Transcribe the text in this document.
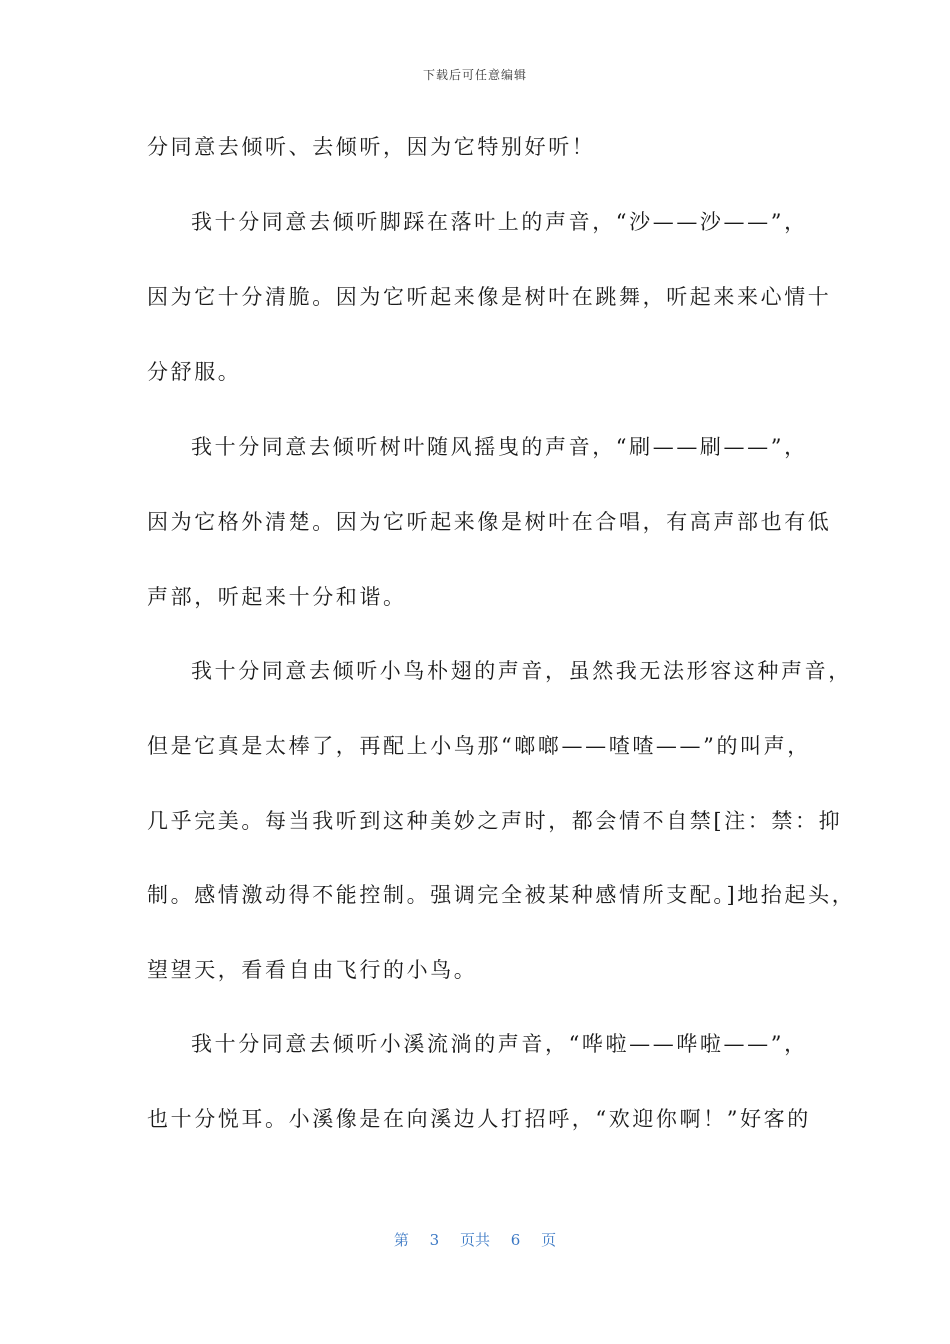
下载后可任意编辑
分同意去倾听、去倾听，因为它特别好听！
我十分同意去倾听脚踩在落叶上的声音，“沙——沙——”，
因为它十分清脆。因为它听起来像是树叶在跳舞，听起来来心情十
分舒服。
我十分同意去倾听树叶随风摇曳的声音，“刷——刷——”，
因为它格外清楚。因为它听起来像是树叶在合唱，有高声部也有低
声部，听起来十分和谐。
我十分同意去倾听小鸟朴翅的声音，虽然我无法形容这种声音，
但是它真是太棒了，再配上小鸟那“啷啷——喳喳——”的叫声，
几乎完美。每当我听到这种美妙之声时，都会情不自禁[注：禁：抑
制。感情激动得不能控制。强调完全被某种感情所支配。]地抬起头，
望望天，看看自由飞行的小鸟。
我十分同意去倾听小溪流淌的声音，“哗啦——哗啦——”，
也十分悦耳。小溪像是在向溪边人打招呼，“欢迎你啊！”好客的
第 3 页共 6 页
